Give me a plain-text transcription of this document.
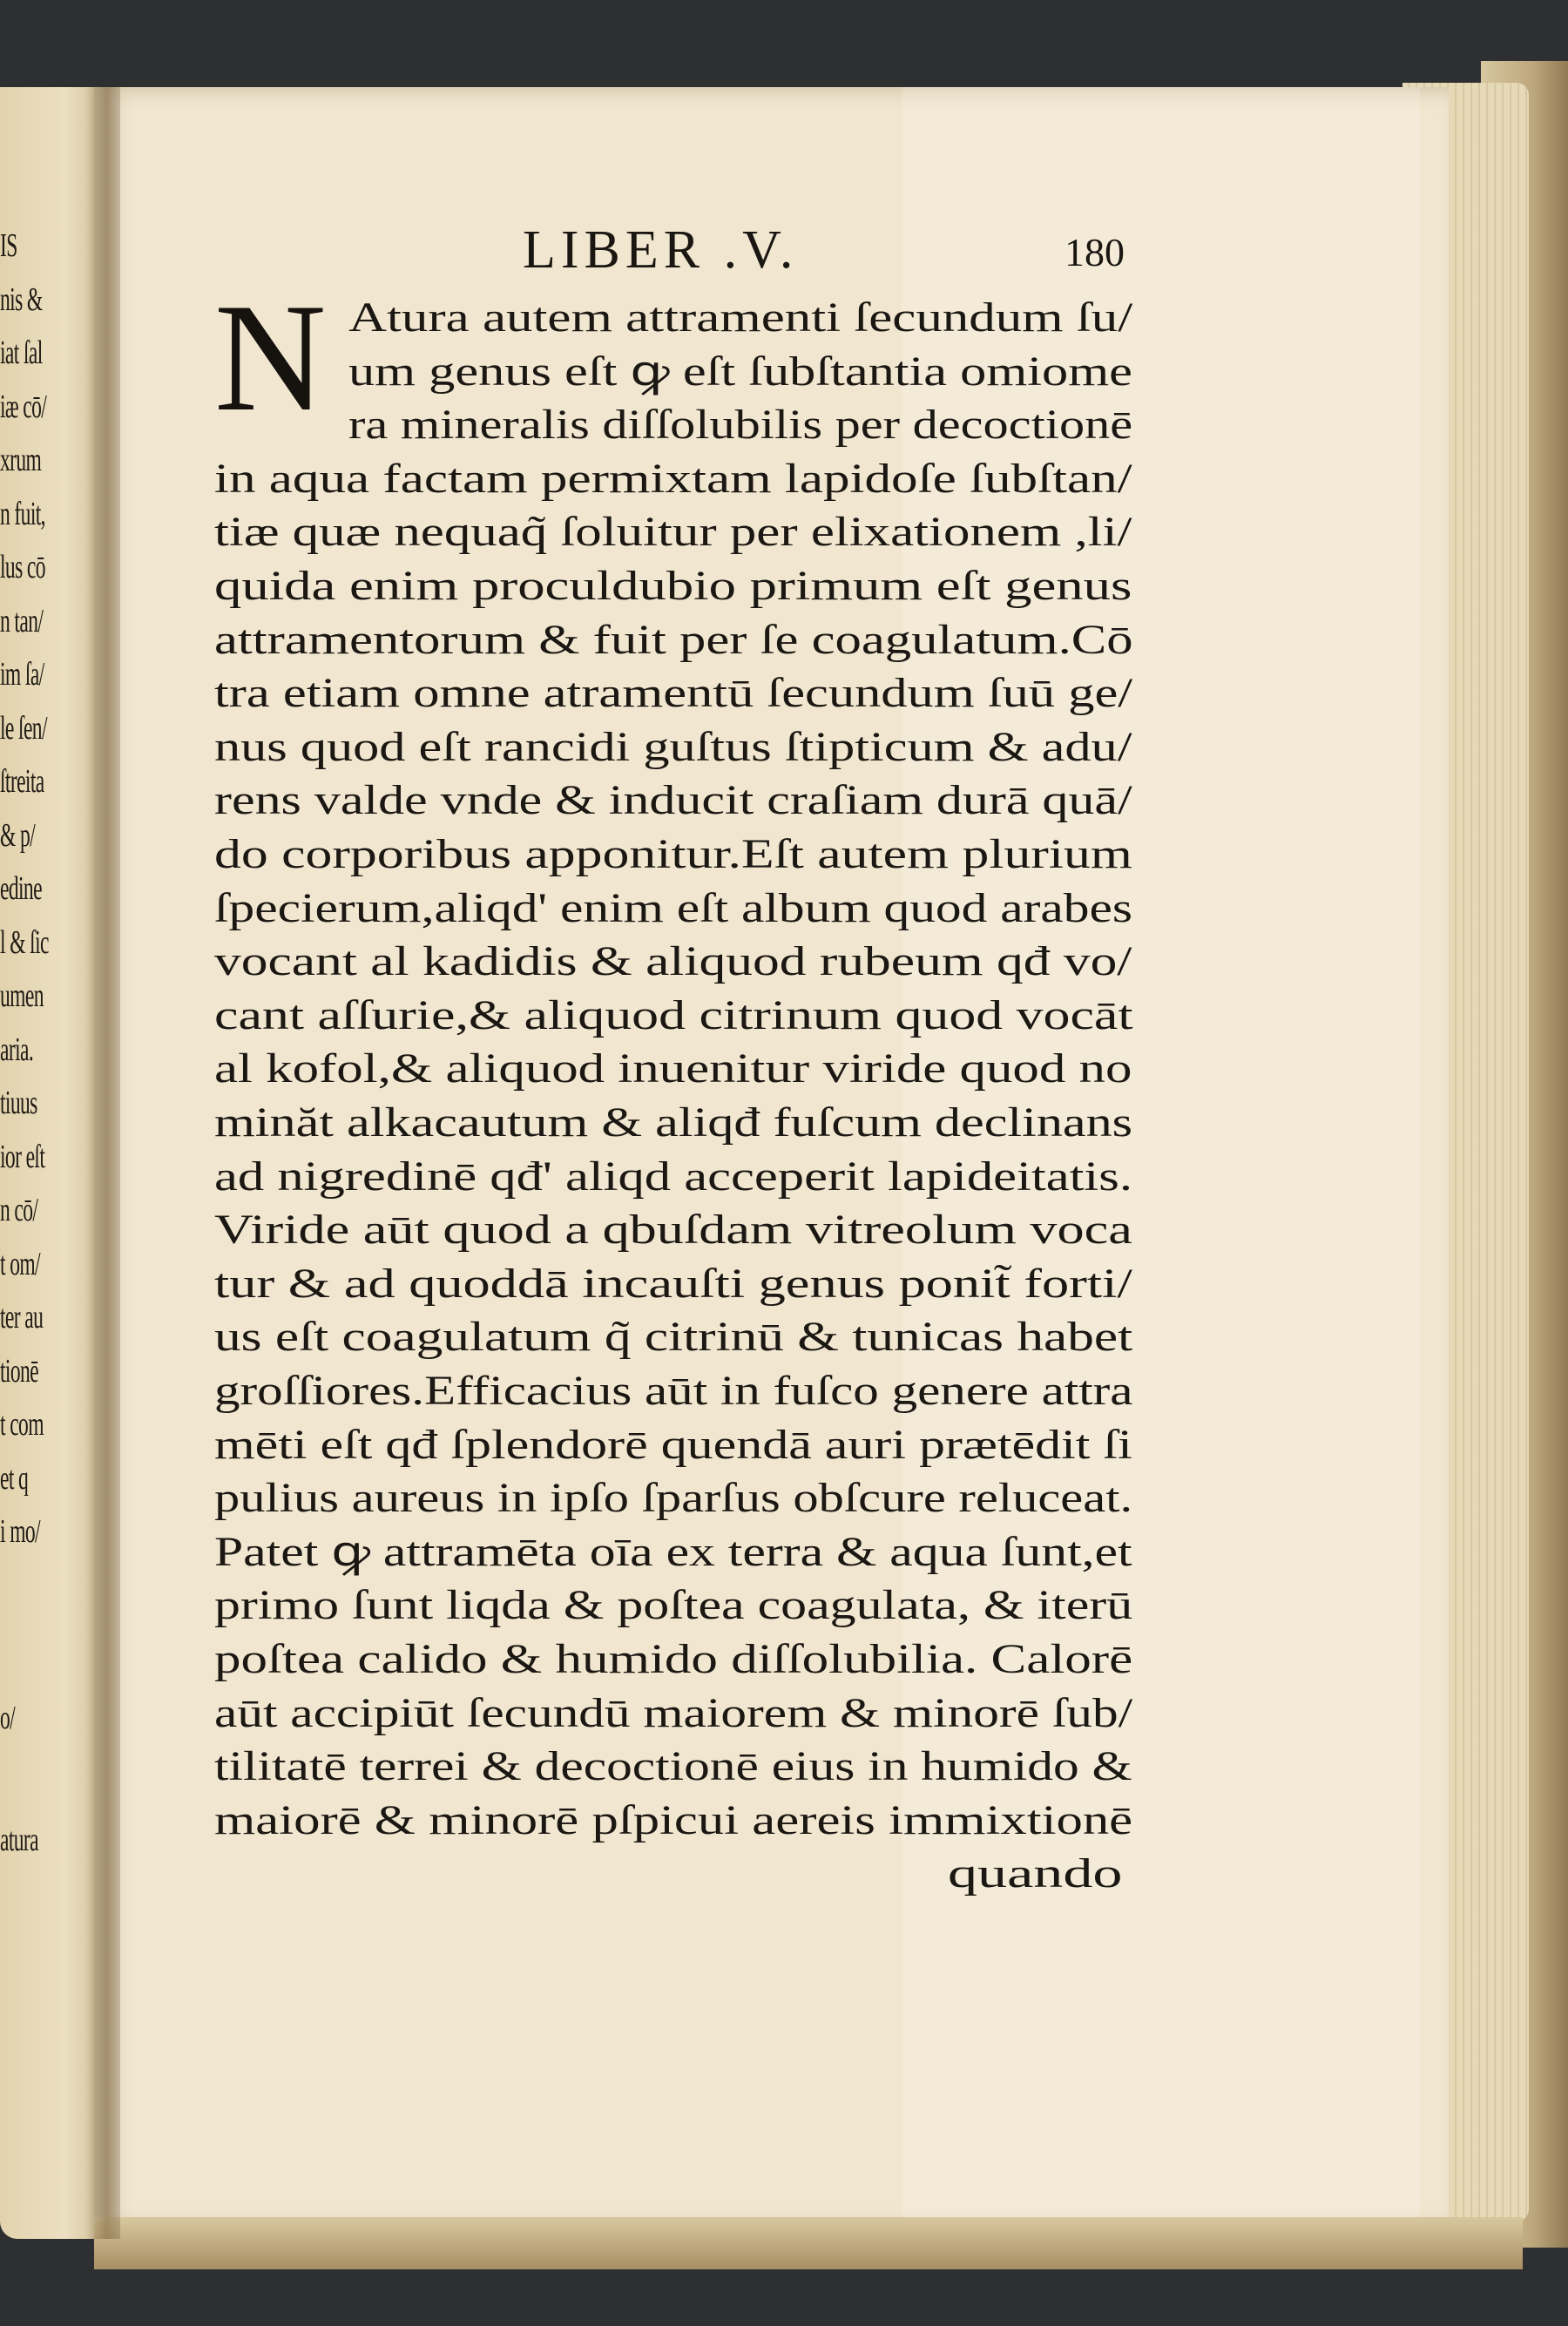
IS
nis &
iat ſal
iæ cō/
xrum
n fuit,
lus cō
n tan/
im ſa/
le ſen/
ſtreita
& p/
edine
l & ſic
umen
aria.
tiuus
ior eſt
n cō/
t om/
ter au
tionē
t com
et q
i mo/
o/
atura
LIBER .V.	180
N Atura autem attramenti ſecundum ſu/
um genus eſt ꝙ eſt ſubſtantia omiome
ra mineralis diſſolubilis per decoctionē
in aqua factam permixtam lapidoſe ſubſtan/
tiæ quæ nequaq̃ ſoluitur per elixationem ,li/
quida enim proculdubio primum eſt genus
attramentorum & fuit per ſe coagulatum.Cō
tra etiam omne atramentū ſecundum ſuū ge/
nus quod eſt rancidi guſtus ſtipticum & adu/
rens valde vnde & inducit craſiam durā quā/
do corporibus apponitur.Eſt autem plurium
ſpecierum,aliqd' enim eſt album quod arabes
vocant al kadidis & aliquod rubeum qđ vo/
cant aſſurie,& aliquod citrinum quod vocāt
al kofol,& aliquod inuenitur viride quod no
minăt alkacautum & aliqđ fuſcum declinans
ad nigredinē qđ' aliqd acceperit lapideitatis.
Viride aūt quod a qbuſdam vitreolum voca
tur & ad quoddā incauſti genus ponit̃ forti/
us eſt coagulatum q̃ citrinū & tunicas habet
groſſiores.Efficacius aūt in fuſco genere attra
mēti eſt qđ ſplendorē quendā auri prætēdit ſi
pulius aureus in ipſo ſparſus obſcure reluceat.
Patet ꝙ attramēta oīa ex terra & aqua ſunt,et
primo ſunt liqda & poſtea coagulata, & iterū
poſtea calido & humido diſſolubilia. Calorē
aūt accipiūt ſecundū maiorem & minorē ſub/
tilitatē terrei & decoctionē eius in humido &
maiorē & minorē pſpicui aereis immixtionē
quando
